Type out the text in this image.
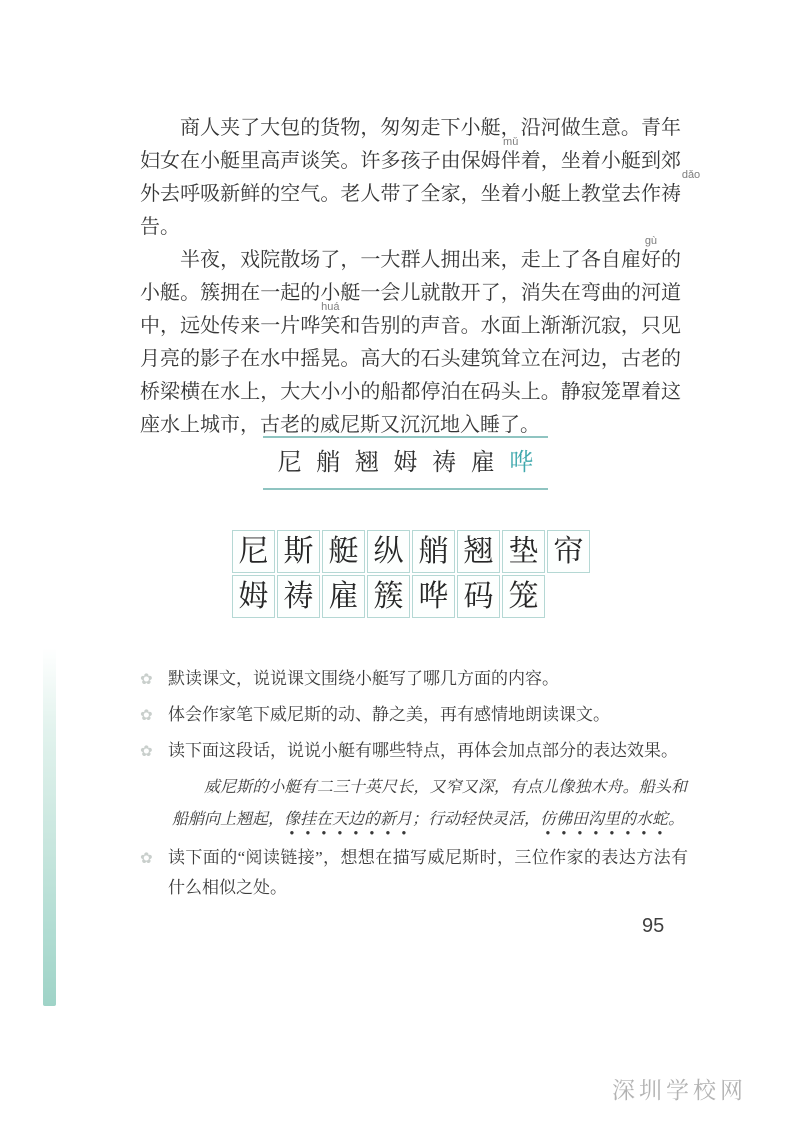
商人夹了大包的货物，匆匆走下小艇，沿河做生意。青年妇女在小艇里高声谈笑。许多孩子由保姆
mǔ
伴着，坐着小艇到郊外去呼吸新鲜的空气。老人带了全家，坐着小艇上教堂去作祷
dǎo
告。

半夜，戏院散场了，一大群人拥出来，走上了各自雇
gù
好的小艇。簇拥在一起的小艇一会儿就散开了，消失在弯曲的河道中，远处传来一片哗
huá
笑和告别的声音。水面上渐渐沉寂，只见月亮的影子在水中摇晃。高大的石头建筑耸立在河边，古老的桥梁横在水上，大大小小的船都停泊在码头上。静寂笼罩着这座水上城市，古老的威尼斯又沉沉地入睡了。

尼 艄 翘 姆 祷 雇 哗
尼 斯 艇 纵 艄 翘 垫 帘
姆 祷 雇 簇 哗 码 笼
✿ 默读课文，说说课文围绕小艇写了哪几方面的内容。
✿ 体会作家笔下威尼斯的动、静之美，再有感情地朗读课文。
✿ 读下面这段话，说说小艇有哪些特点，再体会加点部分的表达效果。
威尼斯的小艇有二三十英尺长，又窄又深，有点儿像独木舟。船头和船艄向上翘起，像挂在天边的新月；行动轻快灵活，仿佛田沟里的水蛇。
✿ 读下面的“阅读链接”，想想在描写威尼斯时，三位作家的表达方法有什么相似之处。
95
深圳学校网
